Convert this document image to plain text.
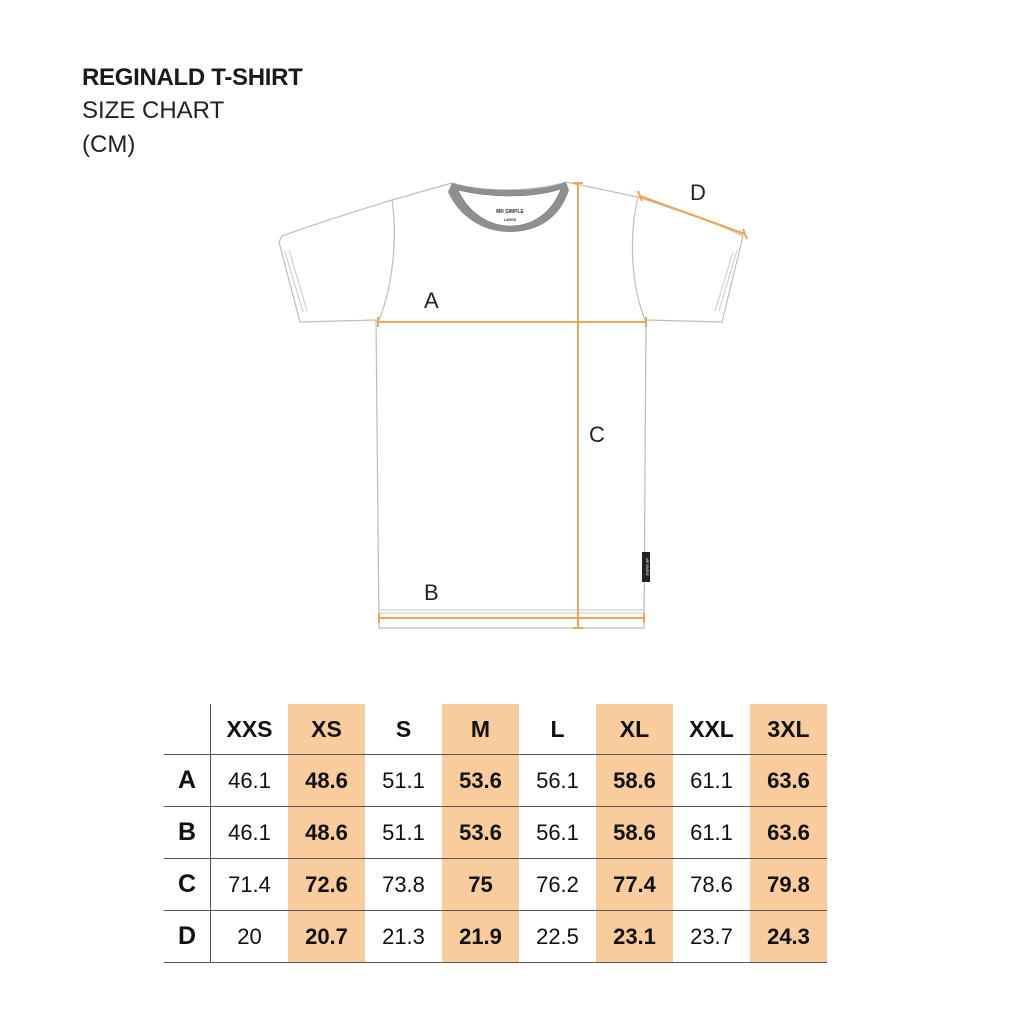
REGINALD T-SHIRT

SIZE CHART

(CM)

MR SIMPLE
LARGE
MR SIMPLE
A
B
C
D
	XXS	XS	S	M	L	XL	XXL	3XL
A	46.1	48.6	51.1	53.6	56.1	58.6	61.1	63.6
B	46.1	48.6	51.1	53.6	56.1	58.6	61.1	63.6
C	71.4	72.6	73.8	75	76.2	77.4	78.6	79.8
D	20	20.7	21.3	21.9	22.5	23.1	23.7	24.3
